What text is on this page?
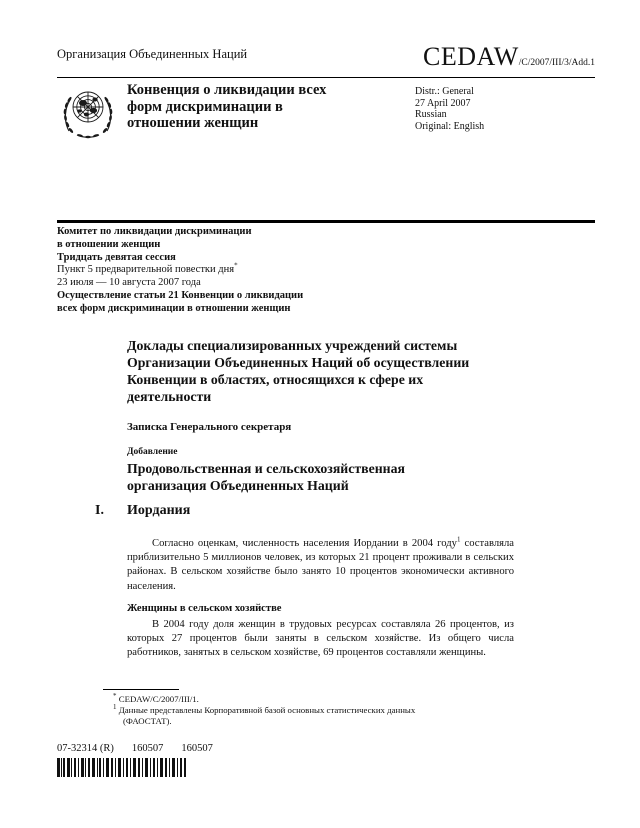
Организация Объединенных Наций	CEDAW/C/2007/III/3/Add.1
Конвенция о ликвидации всех
форм дискриминации в
отношении женщин
Distr.: General
27 April 2007
Russian
Original: English
Комитет по ликвидации дискриминации
в отношении женщин
Тридцать девятая сессия
Пункт 5 предварительной повестки дня*
23 июля — 10 августа 2007 года
Осуществление статьи 21 Конвенции о ликвидации
всех форм дискриминации в отношении женщин
Доклады специализированных учреждений системы
Организации Объединенных Наций об осуществлении
Конвенции в областях, относящихся к сфере их
деятельности
Записка Генерального секретаря
Добавление
Продовольственная и сельскохозяйственная
организация Объединенных Наций
I. Иордания
Согласно оценкам, численность населения Иордании в 2004 году$^1$ составляла приблизительно 5 миллионов человек, из которых 21 процент проживали в сельских районах. В сельском хозяйстве было занято 10 процентов экономически активного населения.
Женщины в сельском хозяйстве
В 2004 году доля женщин в трудовых ресурсах составляла 26 процентов, из которых 27 процентов были заняты в сельском хозяйстве. Из общего числа работников, занятых в сельском хозяйстве, 69 процентов составляли женщины.
* CEDAW/C/2007/III/1.
$^1$ Данные представлены Корпоративной базой основных статистических данных (ФАОСТАТ).
07-32314 (R) 160507 160507
